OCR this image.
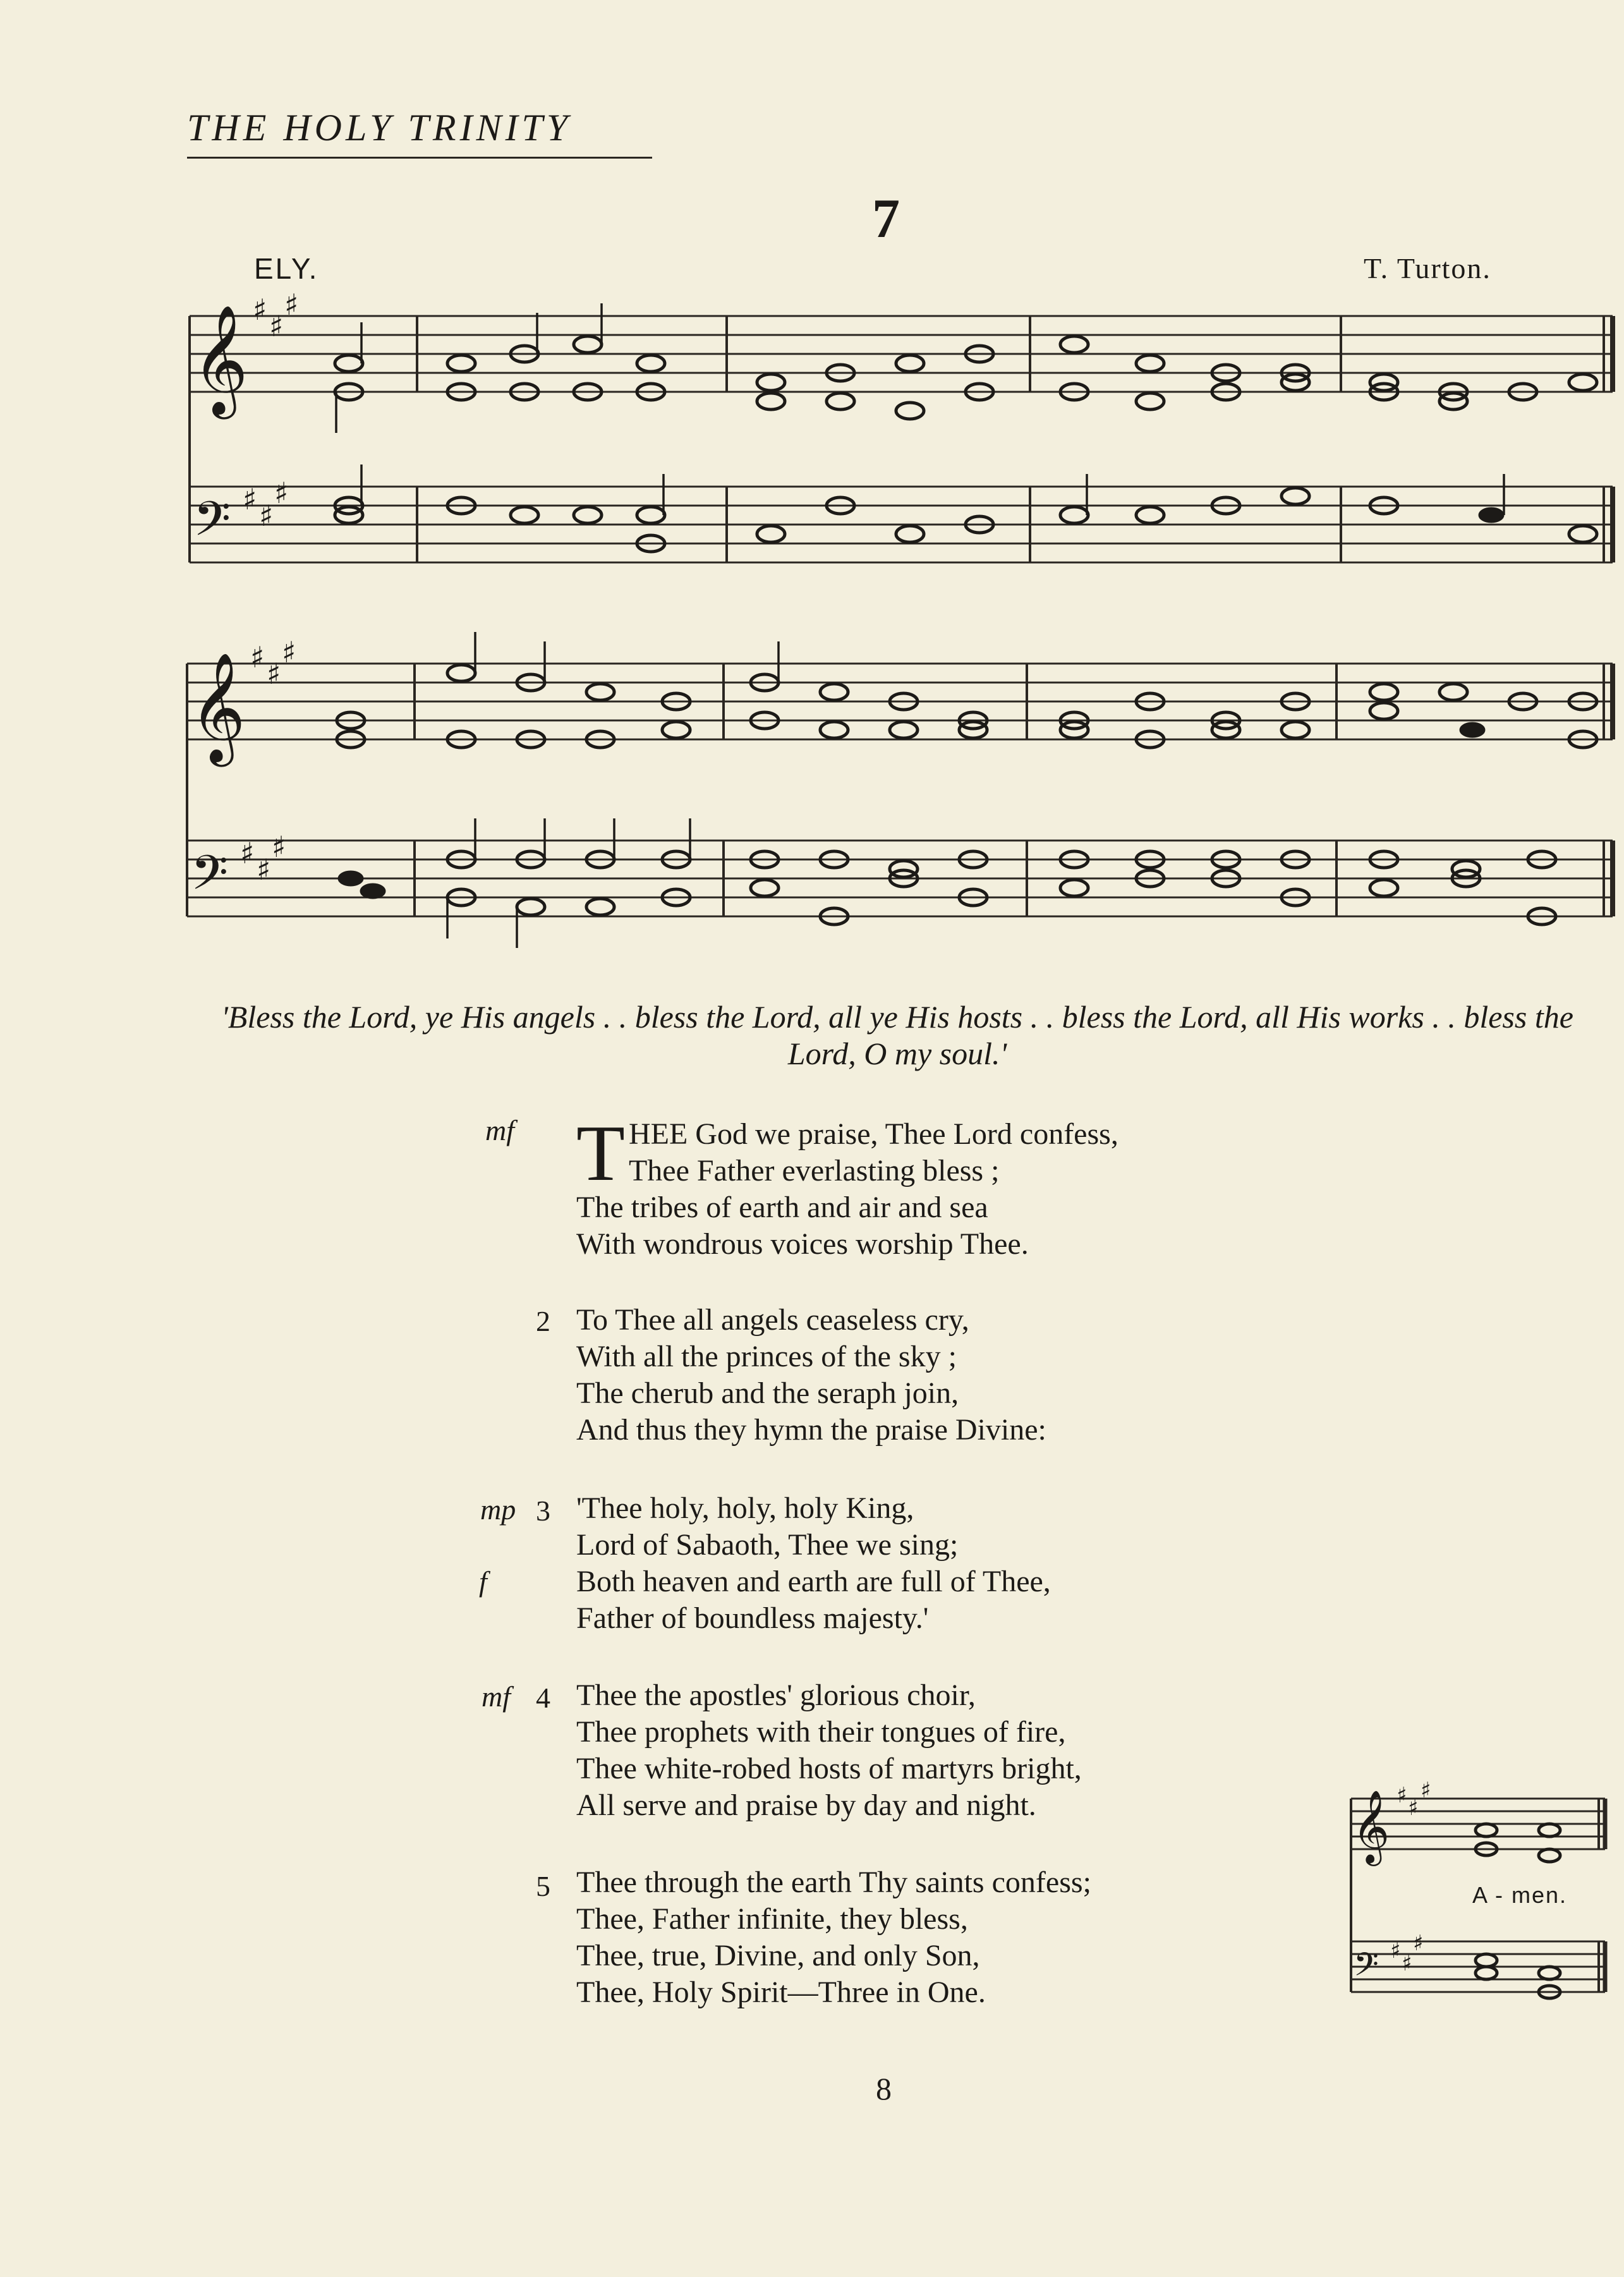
THE HOLY TRINITY
7
ELY.	T. Turton.
𝄞
𝄢
♯ ♯
♯
♯ ♯
♯
𝄞
𝄢
♯ ♯
♯
♯ ♯
♯
'Bless the Lord, ye His angels . . bless the Lord, all ye His hosts . . bless the Lord, all His works . . bless the Lord, O my soul.'
mf T HEE God we praise, Thee Lord confess,
Thee Father everlasting bless ;
The tribes of earth and air and sea
With wondrous voices worship Thee.
2 To Thee all angels ceaseless cry,
With all the princes of the sky ;
The cherub and the seraph join,
And thus they hymn the praise Divine:
mp 3
f
'Thee holy, holy, holy King,
Lord of Sabaoth, Thee we sing;
Both heaven and earth are full of Thee,
Father of boundless majesty.'
mf 4 Thee the apostles' glorious choir,
Thee prophets with their tongues of fire,
Thee white-robed hosts of martyrs bright,
All serve and praise by day and night.
5 Thee through the earth Thy saints confess;
Thee, Father infinite, they bless,
Thee, true, Divine, and only Son,
Thee, Holy Spirit—Three in One.
𝄞
𝄢
♯ ♯
♯
♯ ♯
♯
A - men.
8
